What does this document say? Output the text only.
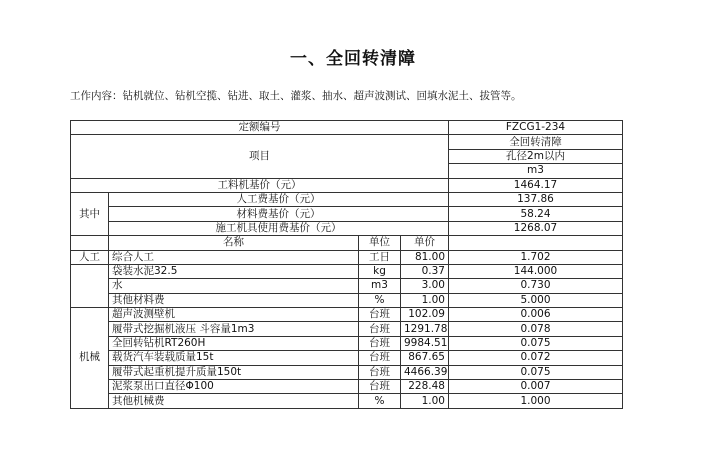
一、全回转清障
工作内容：钻机就位、钻机空揽、钻进、取土、灌浆、抽水、超声波测试、回填水泥土、拔管等。
定额编号				FZCG1-234
项目				全回转清障
				孔径2m以内
				m3
工料机基价（元）				1464.17
其中	人工费基价（元）			137.86
	材料费基价（元）			58.24
	施工机具使用费基价（元）			1268.07
	名称	单位	单价	
人工	综合人工	工日	81.00	1.702
	袋装水泥32.5	kg	0.37	144.000
	水	m3	3.00	0.730
	其他材料费	%	1.00	5.000
机械	超声波测壁机	台班	102.09	0.006
	履带式挖掘机液压 斗容量1m3	台班	1291.78	0.078
	全回转钻机RT260H	台班	9984.51	0.075
	载货汽车装载质量15t	台班	867.65	0.072
	履带式起重机提升质量150t	台班	4466.39	0.075
	泥浆泵出口直径Φ100	台班	228.48	0.007
	其他机械费	%	1.00	1.000
